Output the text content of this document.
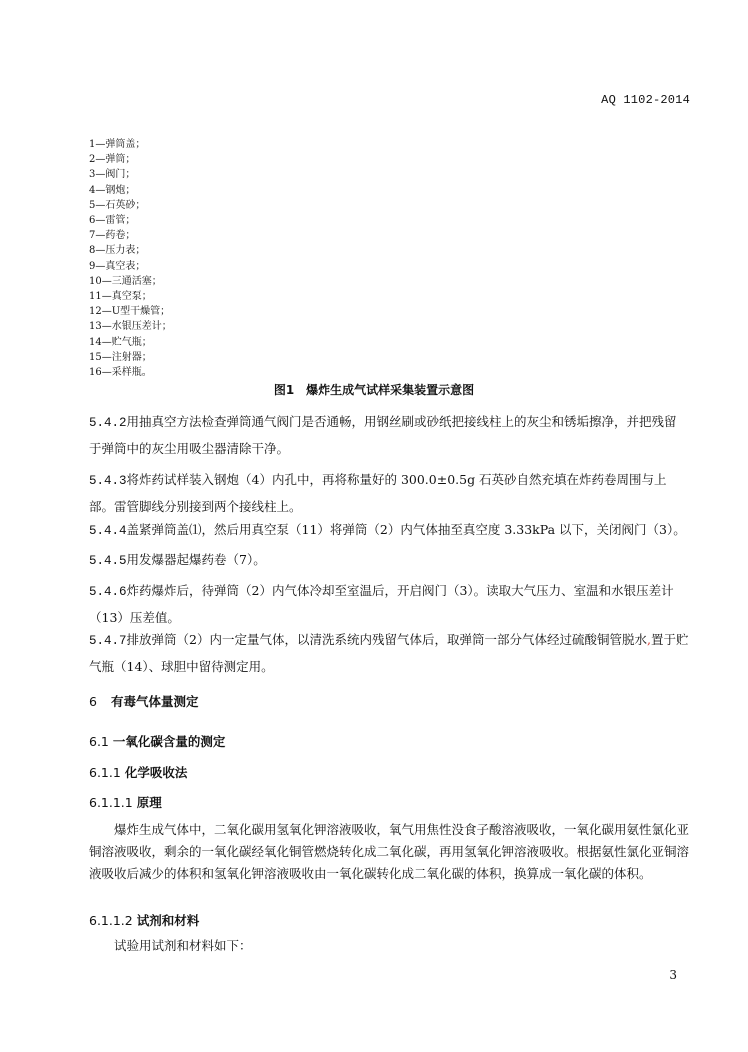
AQ 1102-2014
1—弹筒盖；
2—弹筒；
3—阀门；
4—钢炮；
5—石英砂；
6—雷管；
7—药卷；
8—压力表；
9—真空表；
10—三通活塞；
11—真空泵；
12—U型干燥管；
13—水银压差计；
14—贮气瓶；
15—注射器；
16—采样瓶。
图1　爆炸生成气试样采集装置示意图

5.4.2用抽真空方法检查弹筒通气阀门是否通畅，用钢丝刷或砂纸把接线柱上的灰尘和锈垢擦净，并把残留于弹筒中的灰尘用吸尘器清除干净。

5.4.3将炸药试样装入钢炮（4）内孔中，再将称量好的 300.0±0.5g 石英砂自然充填在炸药卷周围与上部。雷管脚线分别接到两个接线柱上。

5.4.4盖紧弹筒盖⑴，然后用真空泵（11）将弹筒（2）内气体抽至真空度 3.33kPa 以下，关闭阀门（3）。

5.4.5用发爆器起爆药卷（7）。

5.4.6炸药爆炸后，待弹筒（2）内气体冷却至室温后，开启阀门（3）。读取大气压力、室温和水银压差计（13）压差值。

5.4.7排放弹筒（2）内一定量气体，以清洗系统内残留气体后，取弹筒一部分气体经过硫酸铜管脱水,置于贮气瓶（14）、球胆中留待测定用。

6 有毒气体量测定
6.1 一氧化碳含量的测定
6.1.1 化学吸收法
6.1.1.1 原理

爆炸生成气体中，二氧化碳用氢氧化钾溶液吸收，氧气用焦性没食子酸溶液吸收，一氧化碳用氨性氯化亚铜溶液吸收，剩余的一氧化碳经氧化铜管燃烧转化成二氧化碳，再用氢氧化钾溶液吸收。根据氨性氯化亚铜溶液吸收后减少的体积和氢氧化钾溶液吸收由一氧化碳转化成二氧化碳的体积，换算成一氧化碳的体积。

6.1.1.2 试剂和材料

试验用试剂和材料如下：

3
